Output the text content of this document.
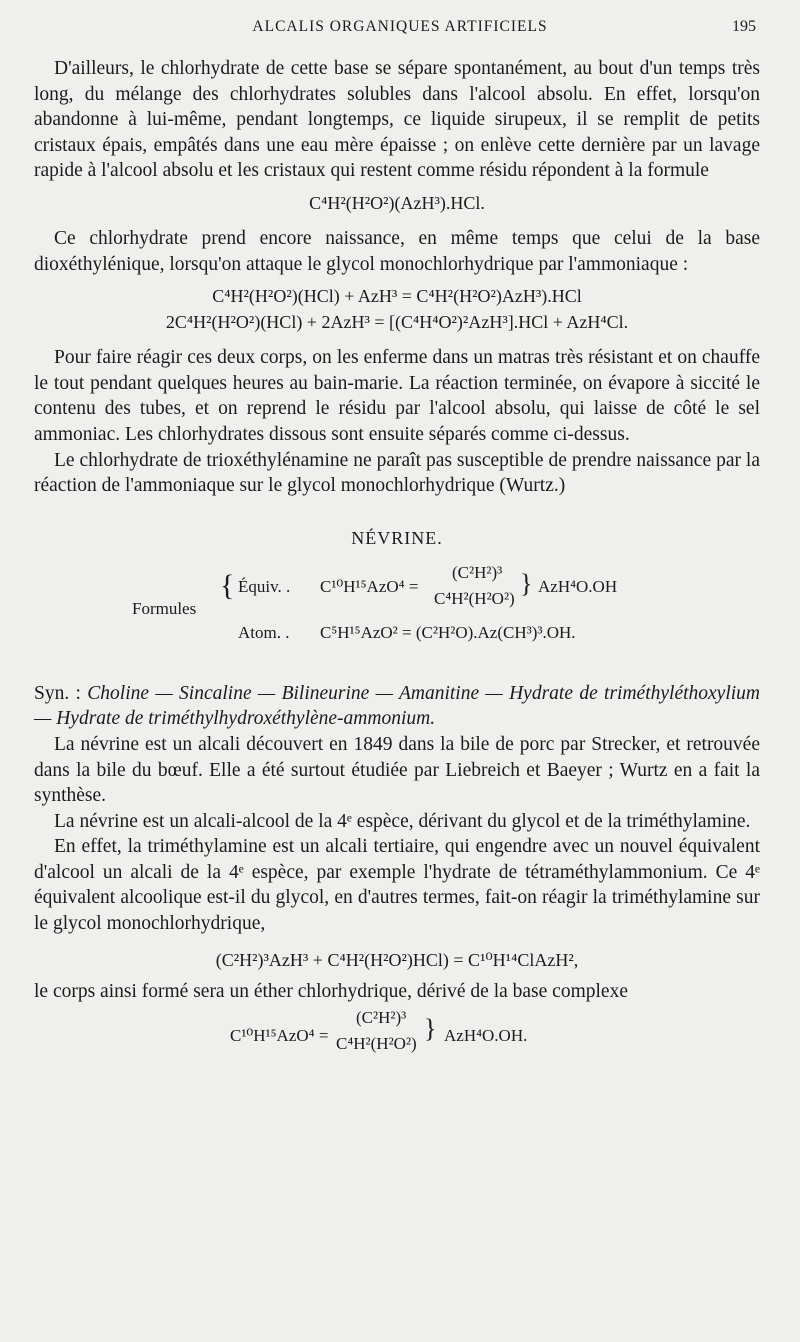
ALCALIS ORGANIQUES ARTIFICIELS	195

D'ailleurs, le chlorhydrate de cette base se sépare spontanément, au bout d'un temps très long, du mélange des chlorhydrates solubles dans l'alcool absolu. En effet, lorsqu'on abandonne à lui-même, pendant longtemps, ce liquide sirupeux, il se remplit de petits cristaux épais, empâtés dans une eau mère épaisse ; on enlève cette dernière par un lavage rapide à l'alcool absolu et les cristaux qui restent comme résidu répondent à la formule

C⁴H²(H²O²)(AzH³).HCl.

Ce chlorhydrate prend encore naissance, en même temps que celui de la base dioxéthylénique, lorsqu'on attaque le glycol monochlorhydrique par l'ammoniaque :

C⁴H²(H²O²)(HCl) + AzH³ = C⁴H²(H²O²)AzH³).HCl
2C⁴H²(H²O²)(HCl) + 2AzH³ = [(C⁴H⁴O²)²AzH³].HCl + AzH⁴Cl.

Pour faire réagir ces deux corps, on les enferme dans un matras très résistant et on chauffe le tout pendant quelques heures au bain-marie. La réaction terminée, on évapore à siccité le contenu des tubes, et on reprend le résidu par l'alcool absolu, qui laisse de côté le sel ammoniac. Les chlorhydrates dissous sont ensuite séparés comme ci-dessus.

Le chlorhydrate de trioxéthylénamine ne paraît pas susceptible de prendre naissance par la réaction de l'ammoniaque sur le glycol monochlorhydrique (Wurtz.)

NÉVRINE.
Formules
{ Équiv. . C¹⁰H¹⁵AzO⁴ =
(C²H²)³
C⁴H²(H²O²)
} AzH⁴O.OH
Atom. . C⁵H¹⁵AzO² = (C²H²O).Az(CH³)³.OH.

Syn. : Choline — Sincaline — Bilineurine — Amanitine — Hydrate de triméthyléthoxylium — Hydrate de triméthylhydroxéthylène-ammonium.

La névrine est un alcali découvert en 1849 dans la bile de porc par Strecker, et retrouvée dans la bile du bœuf. Elle a été surtout étudiée par Liebreich et Baeyer ; Wurtz en a fait la synthèse.

La névrine est un alcali-alcool de la 4ᵉ espèce, dérivant du glycol et de la triméthylamine.

En effet, la triméthylamine est un alcali tertiaire, qui engendre avec un nouvel équivalent d'alcool un alcali de la 4ᵉ espèce, par exemple l'hydrate de tétraméthylammonium. Ce 4ᵉ équivalent alcoolique est-il du glycol, en d'autres termes, fait-on réagir la triméthylamine sur le glycol monochlorhydrique,

(C²H²)³AzH³ + C⁴H²(H²O²)HCl) = C¹⁰H¹⁴ClAzH²,

le corps ainsi formé sera un éther chlorhydrique, dérivé de la base complexe

C¹⁰H¹⁵AzO⁴ =
(C²H²)³
C⁴H²(H²O²)
} AzH⁴O.OH.
